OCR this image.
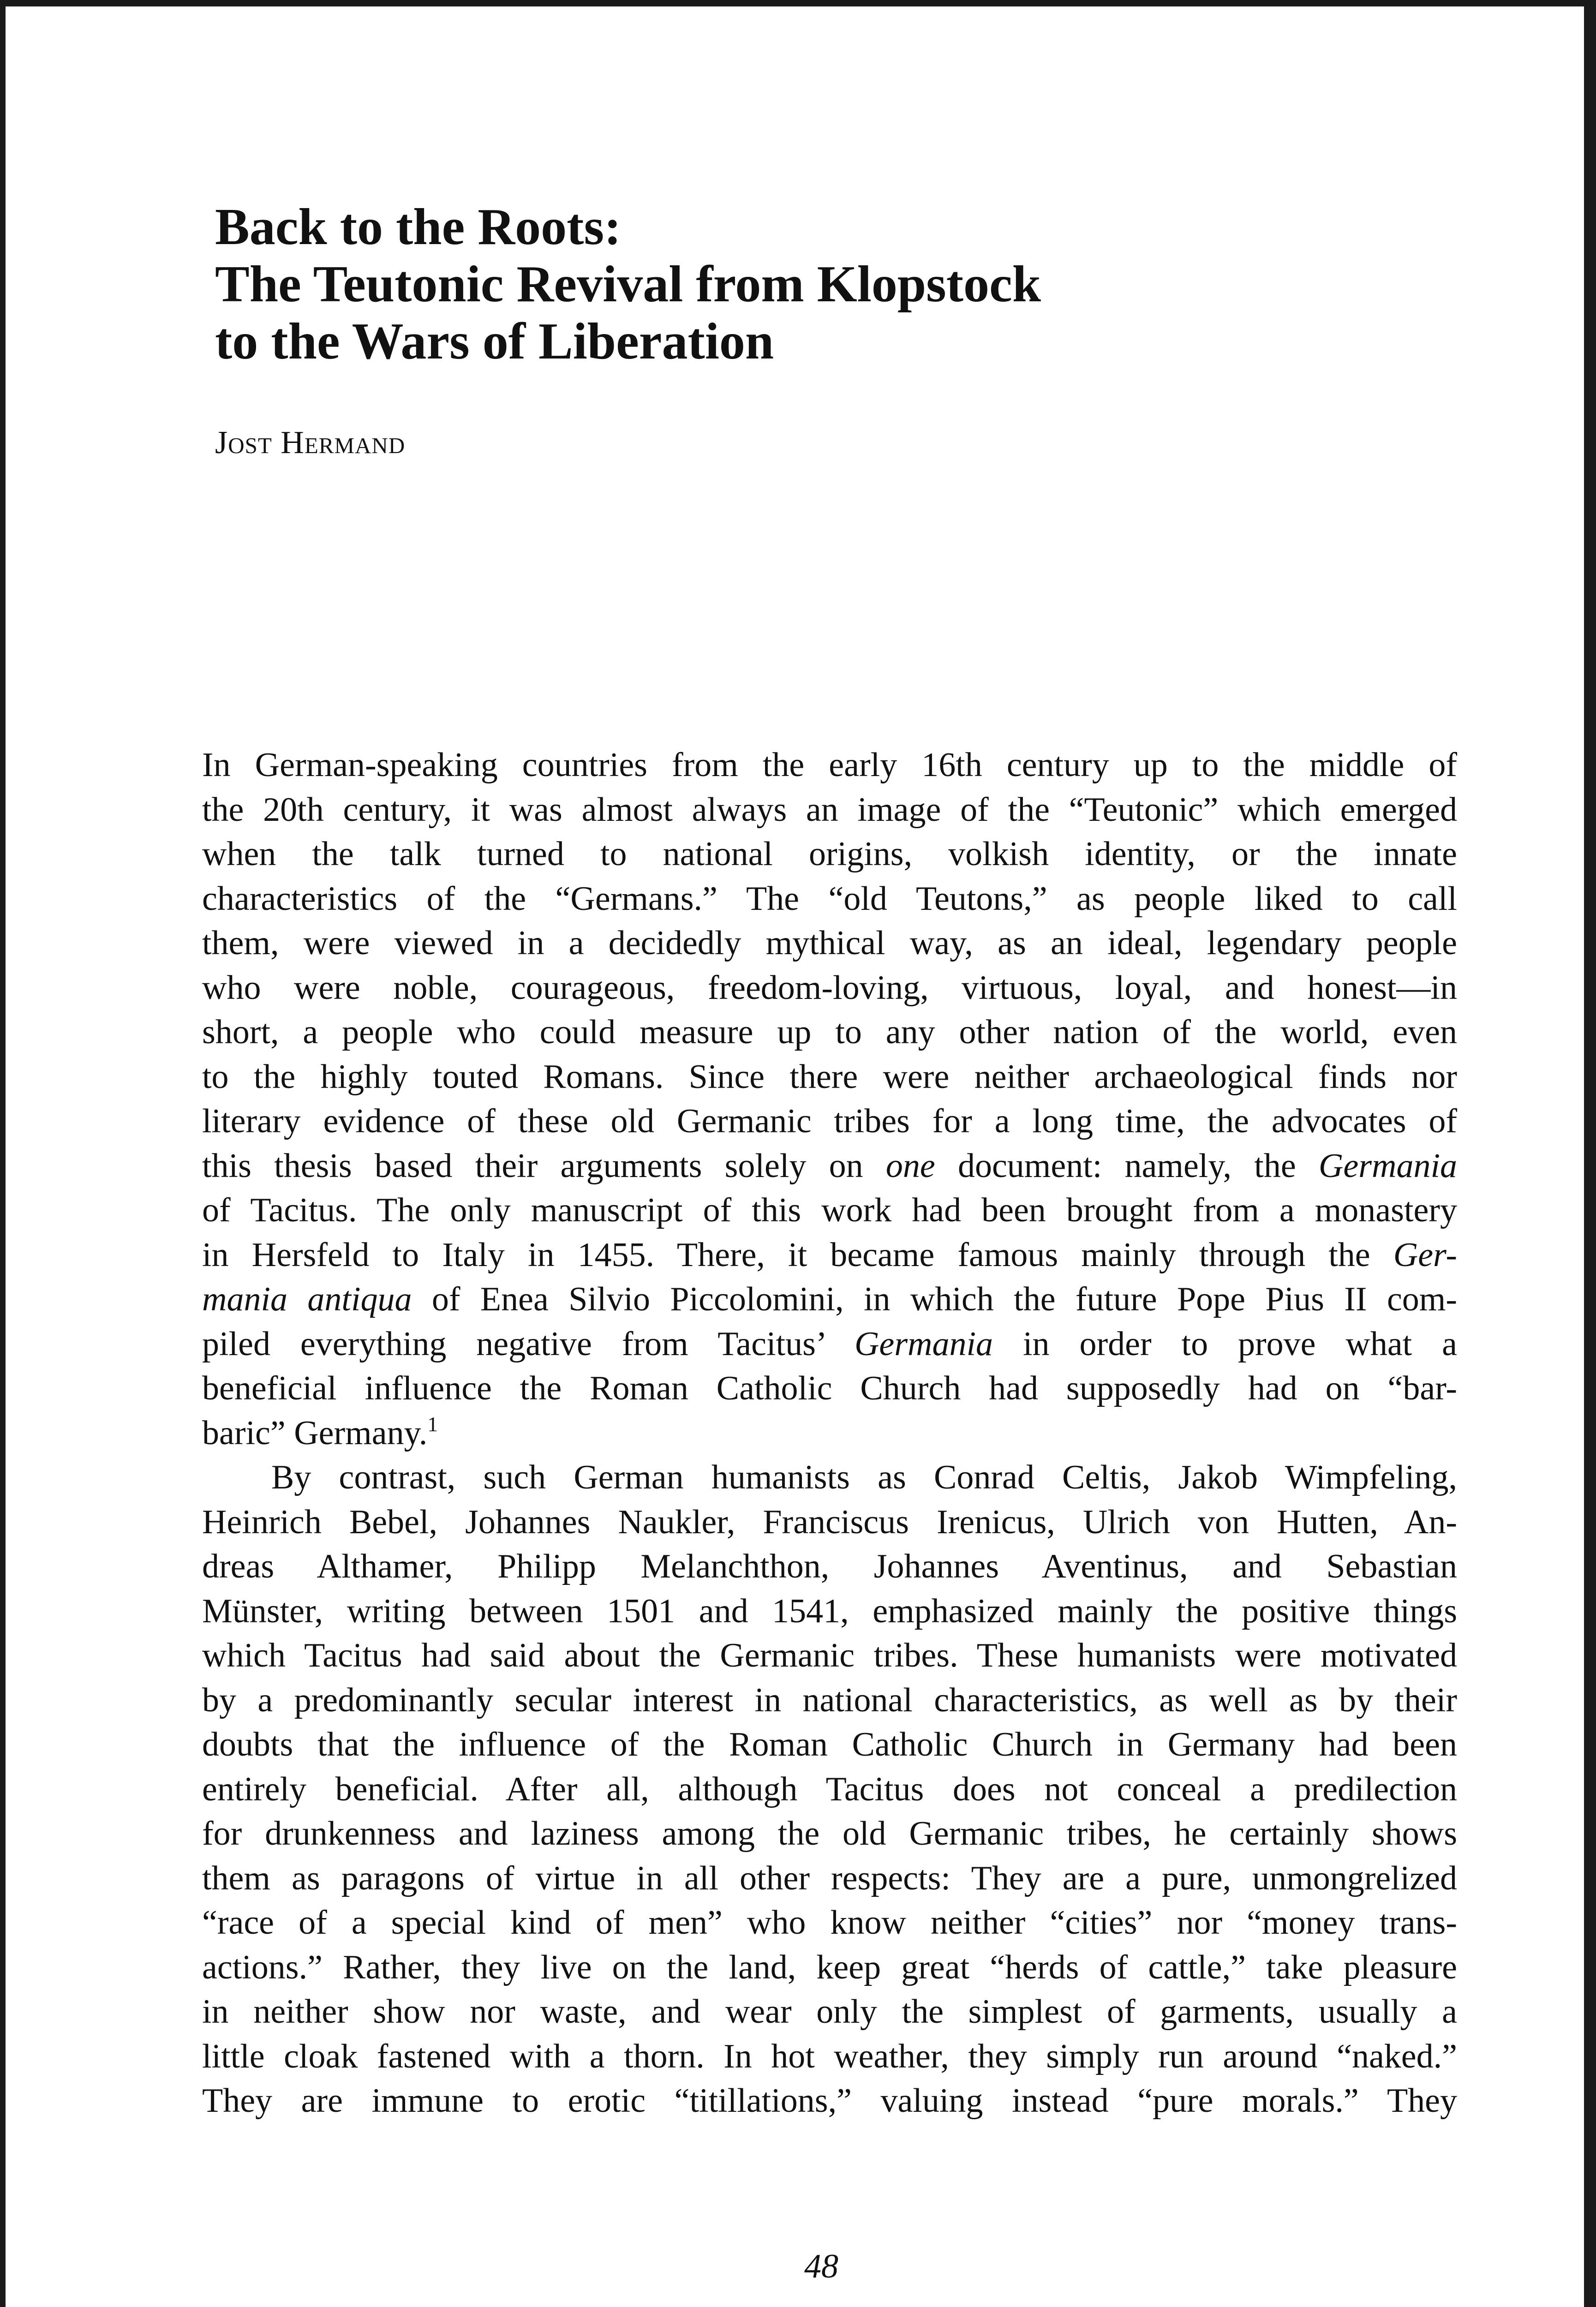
Back to the Roots:
The Teutonic Revival from Klopstock
to the Wars of Liberation

Jost Hermand

In German-speaking countries from the early 16th century up to the middle of
the 20th century, it was almost always an image of the “Teutonic” which emerged
when the talk turned to national origins, volkish identity, or the innate
characteristics of the “Germans.” The “old Teutons,” as people liked to call
them, were viewed in a decidedly mythical way, as an ideal, legendary people
who were noble, courageous, freedom-loving, virtuous, loyal, and honest—in
short, a people who could measure up to any other nation of the world, even
to the highly touted Romans. Since there were neither archaeological finds nor
literary evidence of these old Germanic tribes for a long time, the advocates of
this thesis based their arguments solely on one document: namely, the Germania
of Tacitus. The only manuscript of this work had been brought from a monastery
in Hersfeld to Italy in 1455. There, it became famous mainly through the Ger-
mania antiqua of Enea Silvio Piccolomini, in which the future Pope Pius II com-
piled everything negative from Tacitus’ Germania in order to prove what a
beneficial influence the Roman Catholic Church had supposedly had on “bar-
baric” Germany.$^1$

By contrast, such German humanists as Conrad Celtis, Jakob Wimpfeling,
Heinrich Bebel, Johannes Naukler, Franciscus Irenicus, Ulrich von Hutten, An-
dreas Althamer, Philipp Melanchthon, Johannes Aventinus, and Sebastian
Münster, writing between 1501 and 1541, emphasized mainly the positive things
which Tacitus had said about the Germanic tribes. These humanists were motivated
by a predominantly secular interest in national characteristics, as well as by their
doubts that the influence of the Roman Catholic Church in Germany had been
entirely beneficial. After all, although Tacitus does not conceal a predilection
for drunkenness and laziness among the old Germanic tribes, he certainly shows
them as paragons of virtue in all other respects: They are a pure, unmongrelized
“race of a special kind of men” who know neither “cities” nor “money trans-
actions.” Rather, they live on the land, keep great “herds of cattle,” take pleasure
in neither show nor waste, and wear only the simplest of garments, usually a
little cloak fastened with a thorn. In hot weather, they simply run around “naked.”
They are immune to erotic “titillations,” valuing instead “pure morals.” They

48
